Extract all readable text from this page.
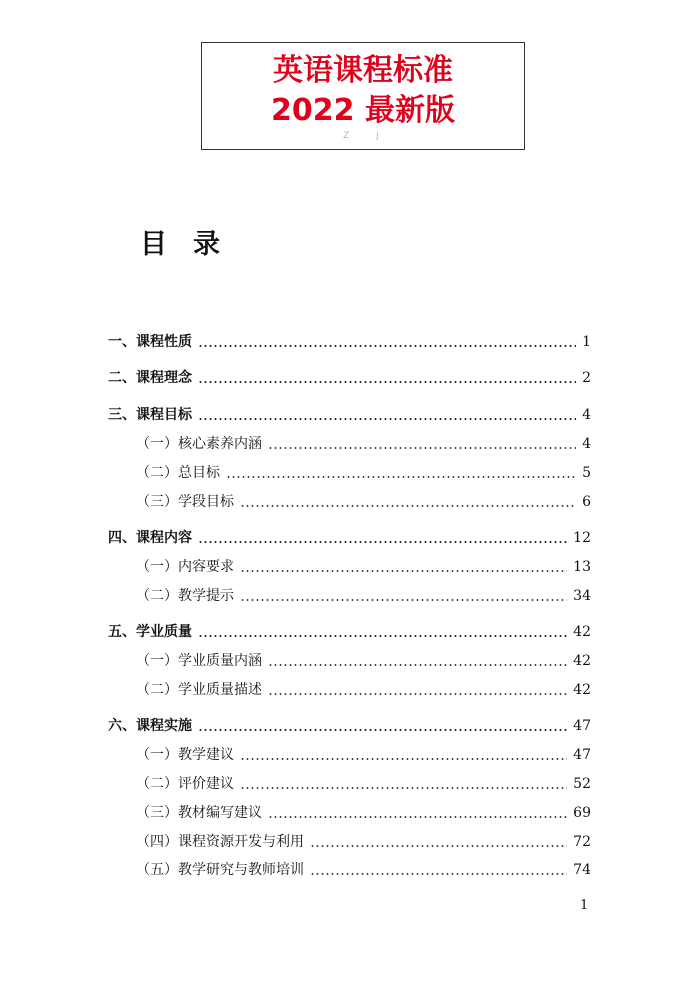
英语课程标准
2022 最新版
Z	J
目录
一、课程性质	1
二、课程理念	2
三、课程目标	4
（一）核心素养内涵	4
（二）总目标	5
（三）学段目标	6
四、课程内容	12
（一）内容要求	13
（二）教学提示	34
五、学业质量	42
（一）学业质量内涵	42
（二）学业质量描述	42
六、课程实施	47
（一）教学建议	47
（二）评价建议	52
（三）教材编写建议	69
（四）课程资源开发与利用	72
（五）教学研究与教师培训	74
1
